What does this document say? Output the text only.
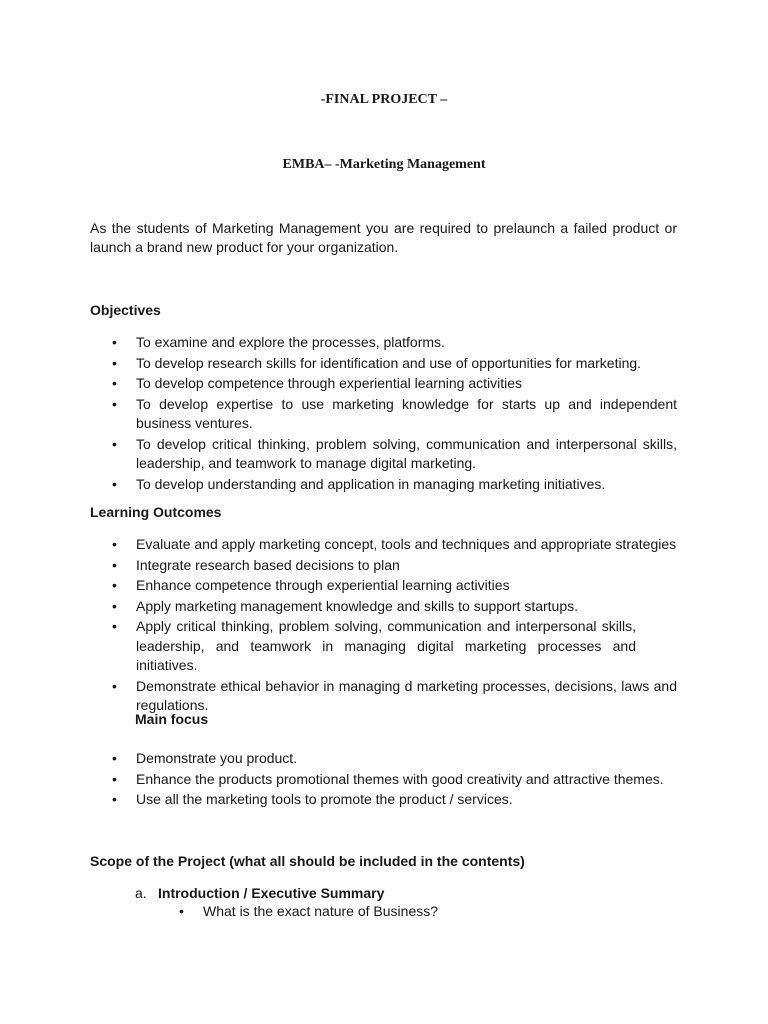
-FINAL PROJECT –

EMBA– -Marketing Management

As the students of Marketing Management you are required to prelaunch a failed product or launch a brand new product for your organization.

Objectives

• To examine and explore the processes, platforms.
• To develop research skills for identification and use of opportunities for marketing.
• To develop competence through experiential learning activities
• To develop expertise to use marketing knowledge for starts up and independent business ventures.
• To develop critical thinking, problem solving, communication and interpersonal skills, leadership, and teamwork to manage digital marketing.
• To develop understanding and application in managing marketing initiatives.

Learning Outcomes

• Evaluate and apply marketing concept, tools and techniques and appropriate strategies
• Integrate research based decisions to plan
• Enhance competence through experiential learning activities
• Apply marketing management knowledge and skills to support startups.
• Apply critical thinking, problem solving, communication and interpersonal skills, leadership, and teamwork in managing digital marketing processes and initiatives.
• Demonstrate ethical behavior in managing d marketing processes, decisions, laws and regulations.

Main focus

• Demonstrate you product.
• Enhance the products promotional themes with good creativity and attractive themes.
• Use all the marketing tools to promote the product / services.

Scope of the Project (what all should be included in the contents)

a. Introduction / Executive Summary

• What is the exact nature of Business?
